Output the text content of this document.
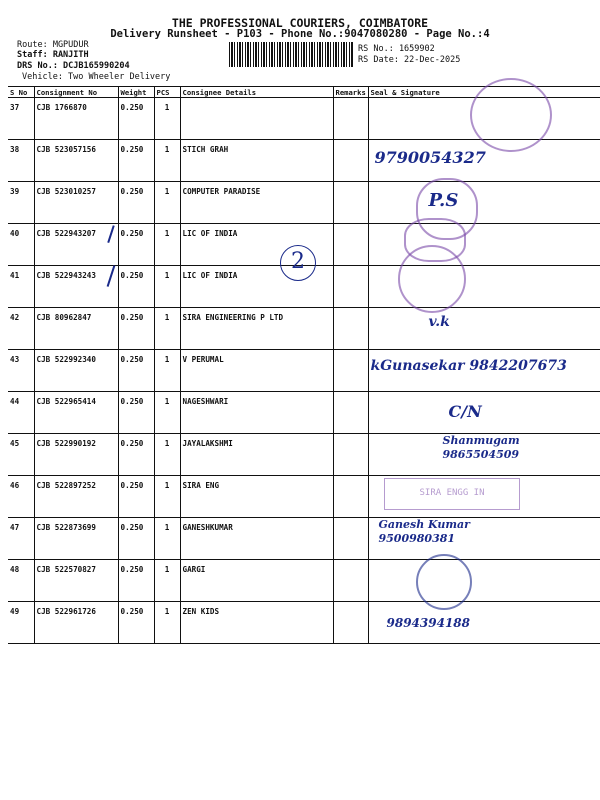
THE PROFESSIONAL COURIERS, COIMBATORE
Delivery Runsheet - P103 - Phone No.:9047080280 - Page No.:4
Route: MGPUDUR
Staff: RANJITH
DRS No.: DCJB165990204
Vehicle: Two Wheeler Delivery
RS No.: 1659902
RS Date: 22-Dec-2025
S No	Consignment No	Weight	PCS	Consignee Details	Remarks	Seal & Signature
37	CJB 1766870	0.250	1			

38	CJB 523057156	0.250	1	STICH GRAH		9790054327

39	CJB 523010257	0.250	1	COMPUTER PARADISE		P.S

40	CJB 522943207	0.250	1	LIC OF INDIA		

41	CJB 522943243	0.250	1	LIC OF INDIA		

42	CJB 80962847	0.250	1	SIRA ENGINEERING P LTD		v.k

43	CJB 522992340	0.250	1	V PERUMAL		kGunasekar 9842207673

44	CJB 522965414	0.250	1	NAGESHWARI		C/N

45	CJB 522990192	0.250	1	JAYALAKSHMI		Shanmugam 9865504509

46	CJB 522897252	0.250	1	SIRA ENG		

47	CJB 522873699	0.250	1	GANESHKUMAR		Ganesh Kumar 9500980381

48	CJB 522570827	0.250	1	GARGI		

49	CJB 522961726	0.250	1	ZEN KIDS		9894394188
SIRA ENGG IN
2
